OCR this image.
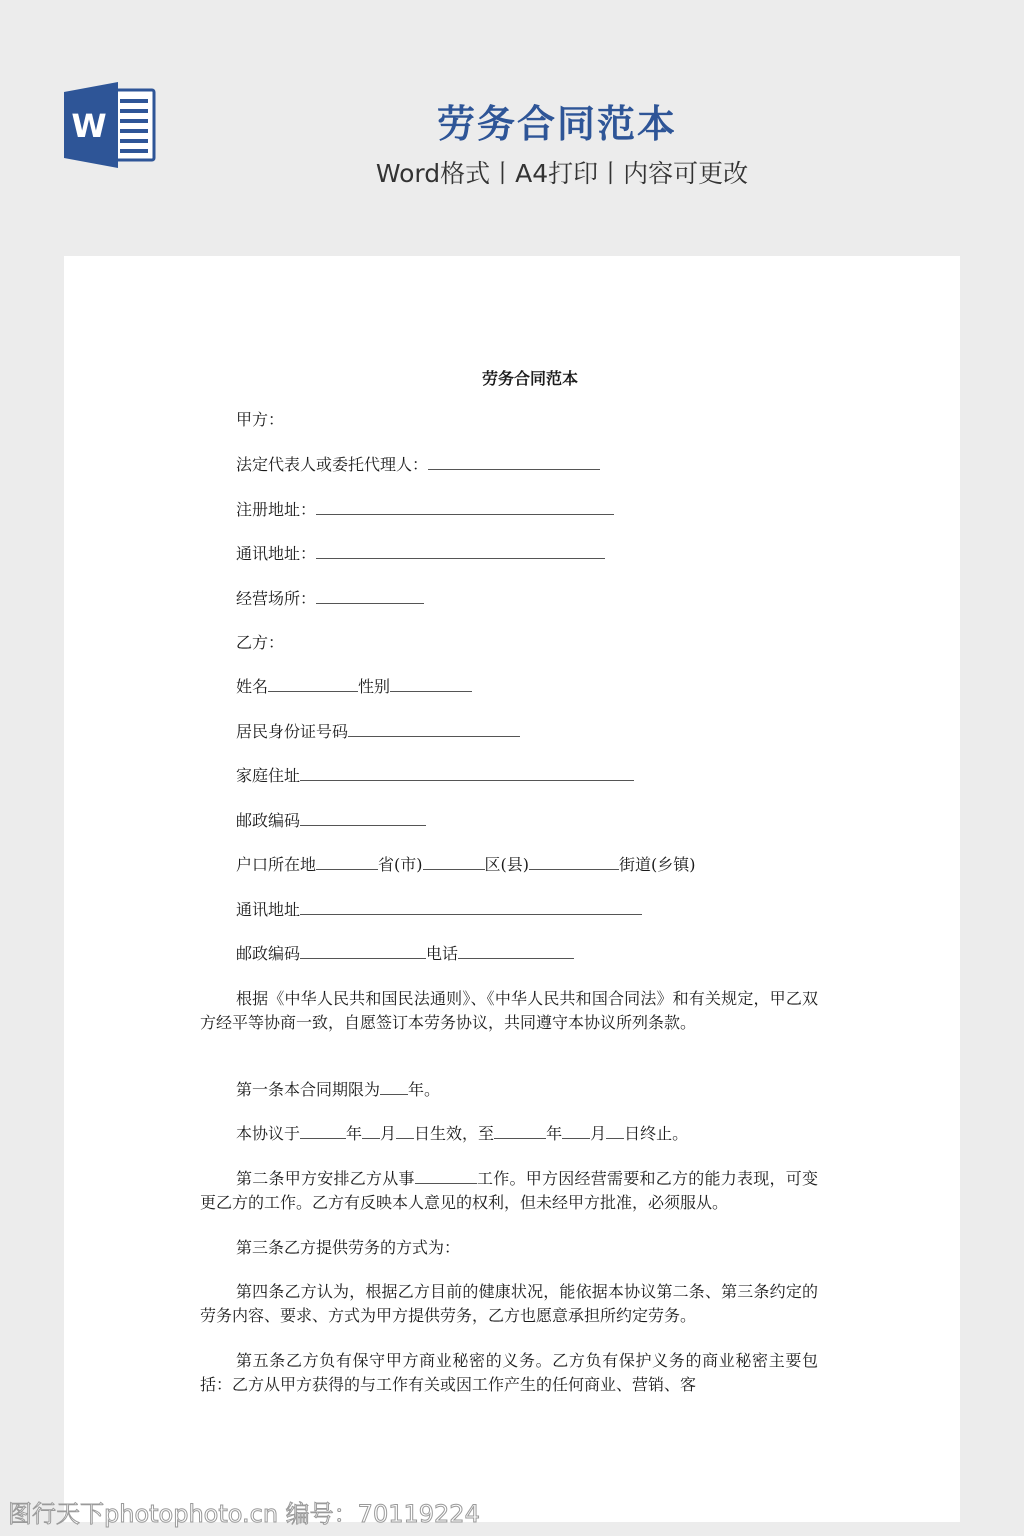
W	劳务合同范本
Word格式丨A4打印丨内容可更改
劳务合同范本
甲方：
法定代表人或委托代理人：
注册地址：
通讯地址：
经营场所：
乙方：
姓名	性别
居民身份证号码
家庭住址
邮政编码
户口所在地	省(市)	区(县)	街道(乡镇)
通讯地址
邮政编码	电话
根据《中华人民共和国民法通则》、《中华人民共和国合同法》和有关规定，甲乙双方经平等协商一致，自愿签订本劳务协议，共同遵守本协议所列条款。
第一条本合同期限为 年。
本协议于	年 月 日生效，至	年 月 日终止。
第二条甲方安排乙方从事	工作。甲方因经营需要和乙方的能力表现，可变更乙方的工作。乙方有反映本人意见的权利，但未经甲方批准，必须服从。
第三条乙方提供劳务的方式为：
第四条乙方认为，根据乙方目前的健康状况，能依据本协议第二条、第三条约定的劳务内容、要求、方式为甲方提供劳务，乙方也愿意承担所约定劳务。
第五条乙方负有保守甲方商业秘密的义务。乙方负有保护义务的商业秘密主要包括：乙方从甲方获得的与工作有关或因工作产生的任何商业、营销、客
图行天下photophoto.cn 编号：70119224
